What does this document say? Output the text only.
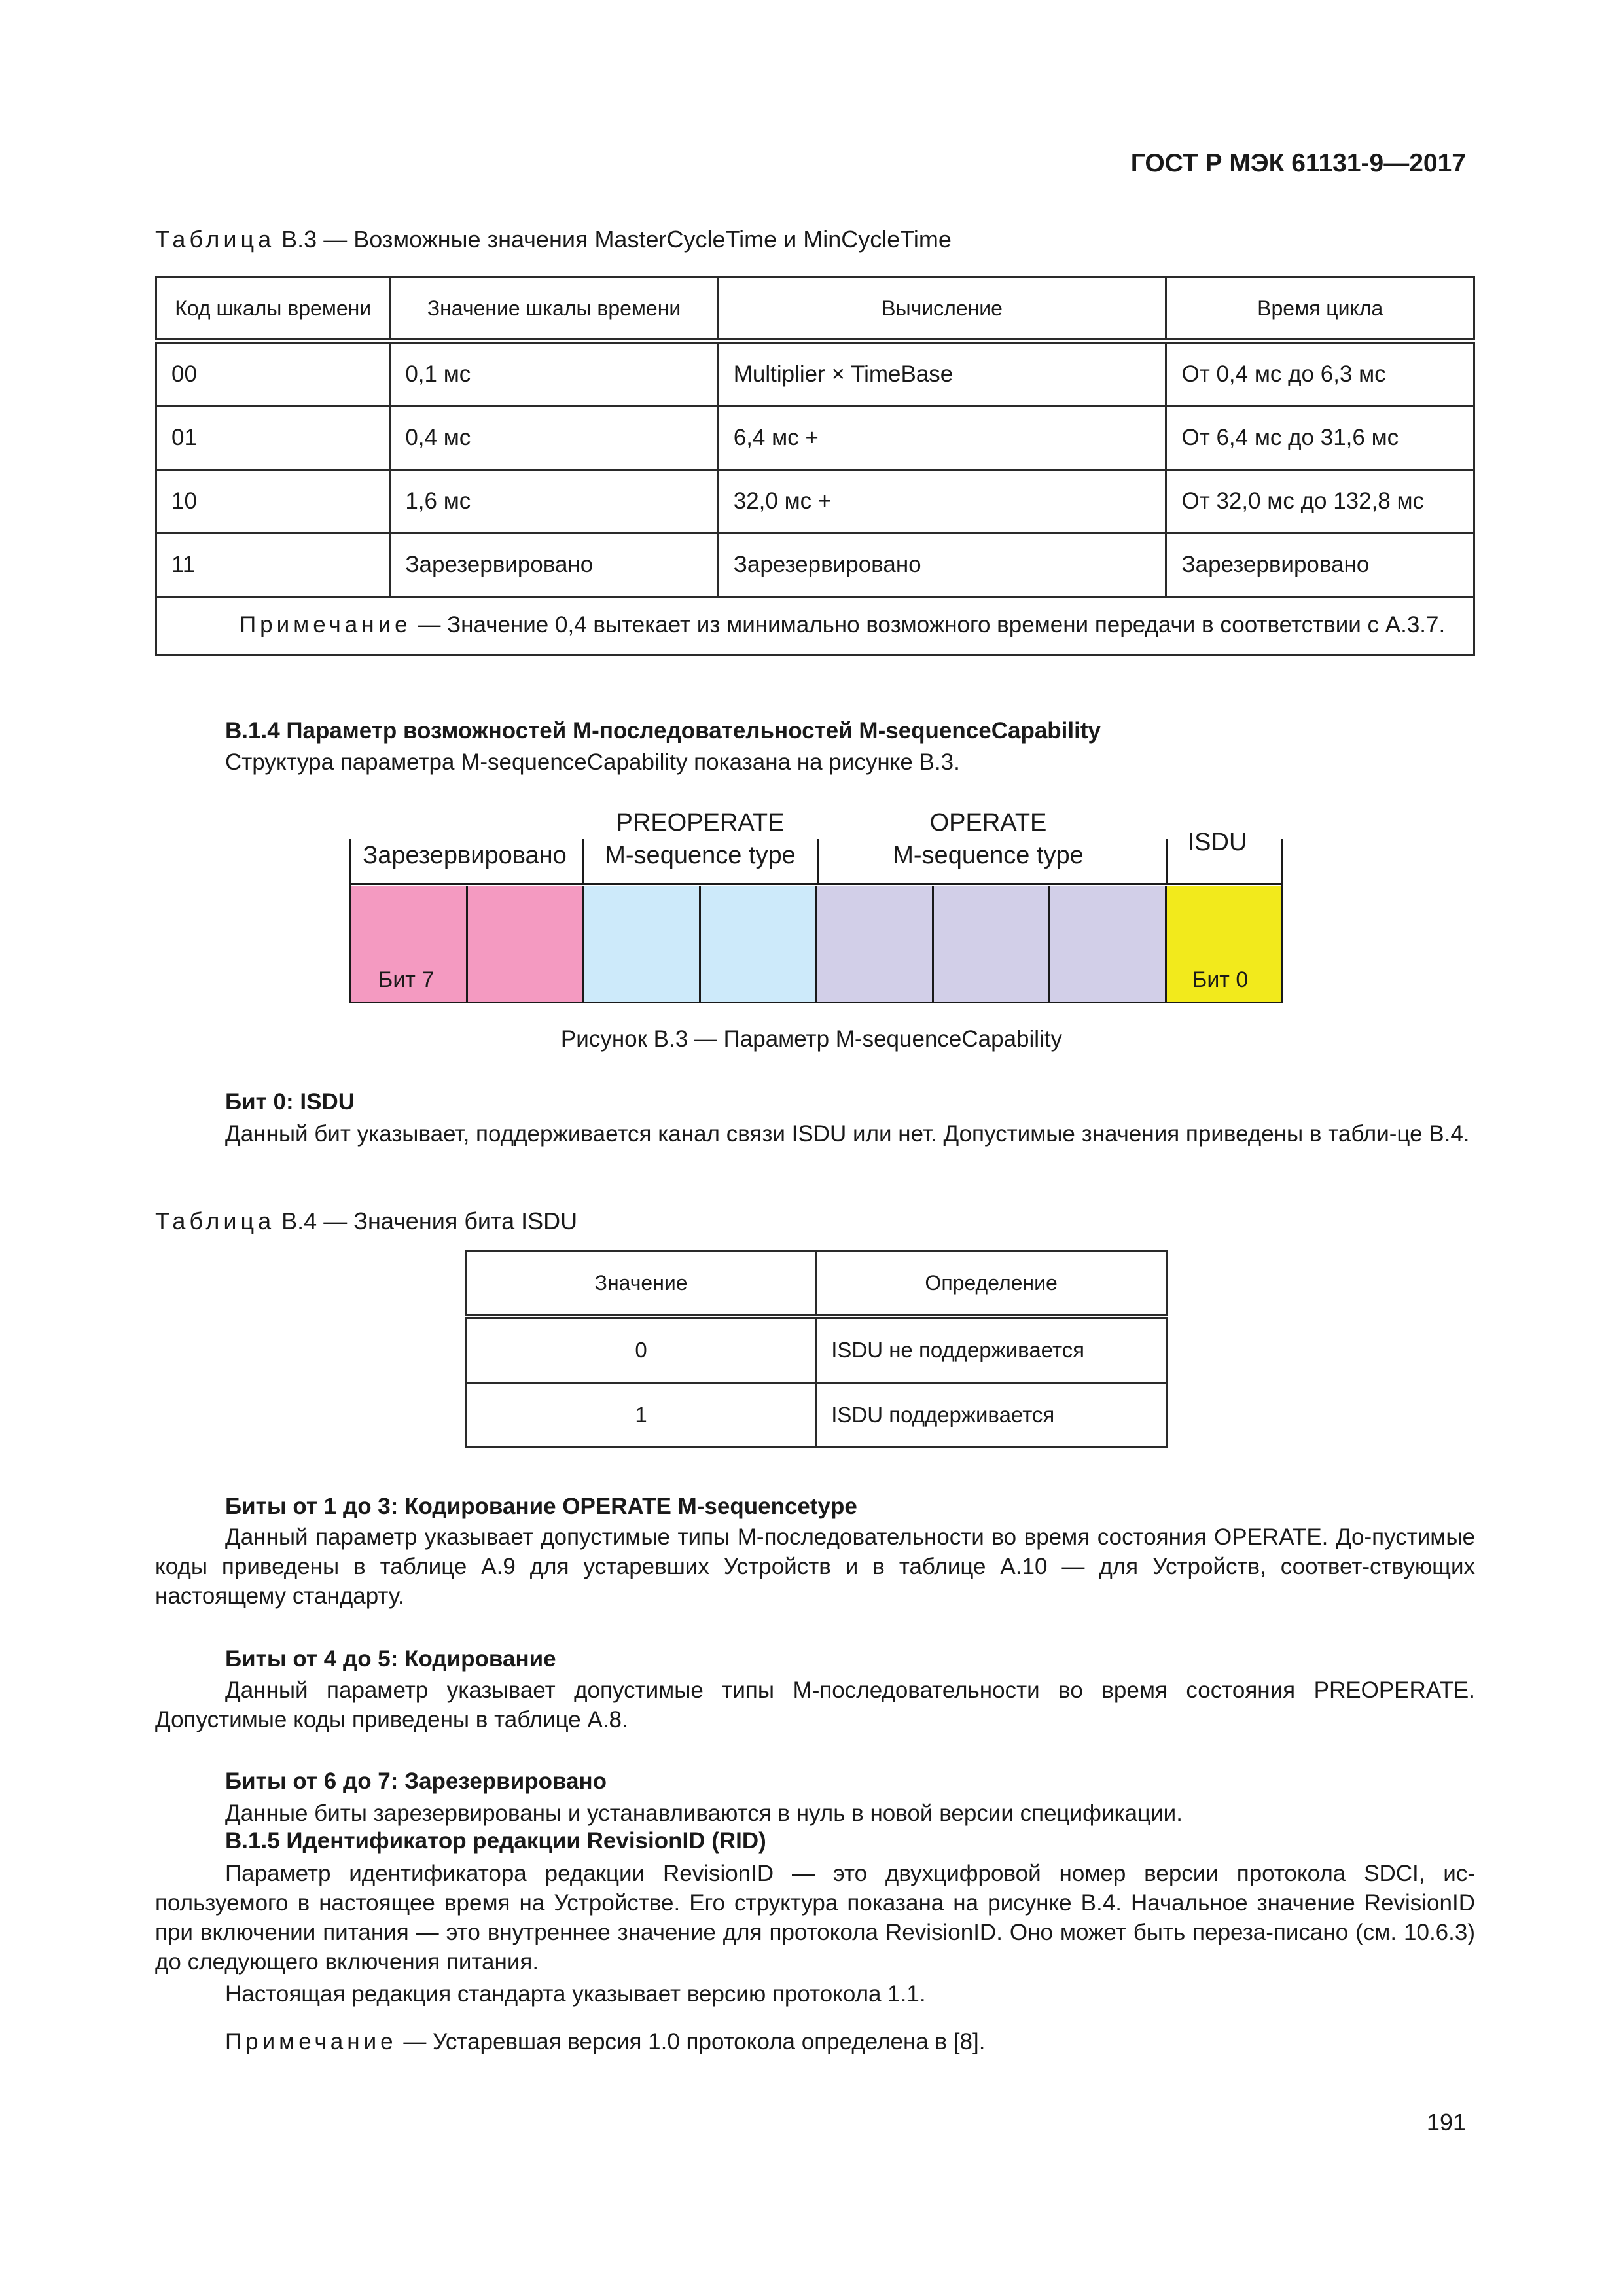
ГОСТ Р МЭК 61131-9—2017
Таблица В.3 — Возможные значения MasterCycleTime и MinCycleTime
Код шкалы времени	Значение шкалы времени	Вычисление	Время цикла
00	0,1 мс	Multiplier × TimeBase	От 0,4 мс до 6,3 мс
01	0,4 мс	6,4 мс +	От 6,4 мс до 31,6 мс
10	1,6 мс	32,0 мс +	От 32,0 мс до 132,8 мс
11	Зарезервировано	Зарезервировано	Зарезервировано
Примечание — Значение 0,4 вытекает из минимально возможного времени передачи в соответствии с А.3.7.			
В.1.4 Параметр возможностей М-последовательностей M-sequenceCapability
Структура параметра M-sequenceCapability показана на рисунке В.3.
Зарезервировано
PREOPERATE
M-sequence type
OPERATE
M-sequence type	ISDU
Бит 7	Бит 0
Рисунок В.3 — Параметр M-sequenceCapability
Бит 0: ISDU
Данный бит указывает, поддерживается канал связи ISDU или нет. Допустимые значения приведены в табли-це В.4.
Таблица В.4 — Значения бита ISDU
Значение	Определение
0	ISDU не поддерживается
1	ISDU поддерживается
Биты от 1 до 3: Кодирование OPERATE M-sequencetype
Данный параметр указывает допустимые типы М-последовательности во время состояния OPERATE. До-пустимые коды приведены в таблице А.9 для устаревших Устройств и в таблице А.10 — для Устройств, соответ-ствующих настоящему стандарту.
Биты от 4 до 5: Кодирование
Данный параметр указывает допустимые типы М-последовательности во время состояния PREOPERATE. Допустимые коды приведены в таблице А.8.
Биты от 6 до 7: Зарезервировано
Данные биты зарезервированы и устанавливаются в нуль в новой версии спецификации.
В.1.5 Идентификатор редакции RevisionID (RID)
Параметр идентификатора редакции RevisionID — это двухцифровой номер версии протокола SDCI, ис-пользуемого в настоящее время на Устройстве. Его структура показана на рисунке В.4. Начальное значение RevisionID при включении питания — это внутреннее значение для протокола RevisionID. Оно может быть переза-писано (см. 10.6.3) до следующего включения питания.
Настоящая редакция стандарта указывает версию протокола 1.1.
Примечание — Устаревшая версия 1.0 протокола определена в [8].
191
